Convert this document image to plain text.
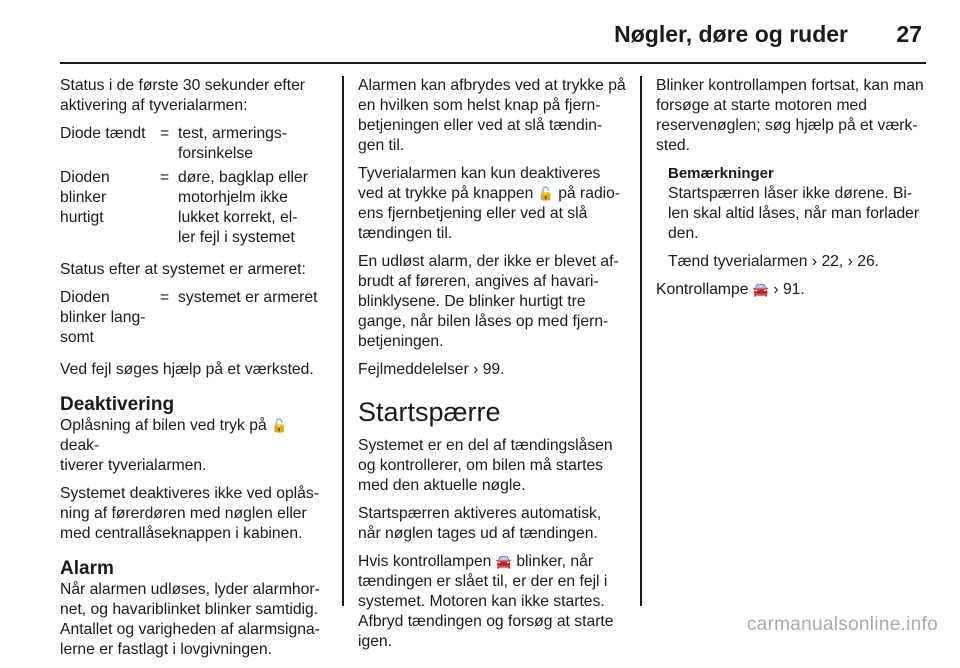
Nøgler, døre og ruder 27

Status i de første 30 sekunder efter aktivering af tyverialarmen:

Diode tændt = test, armerings-
forsinkelse
Dioden blinker
hurtigt
= døre, bagklap eller
motorhjelm ikke
lukket korrekt, el-
ler fejl i systemet

Status efter at systemet er armeret:

Dioden
blinker lang-
somt
= systemet er armeret

Ved fejl søges hjælp på et værksted.

Deaktivering

Oplåsning af bilen ved tryk på 🔓 deak-
tiverer tyverialarmen.

Systemet deaktiveres ikke ved oplås-ning af førerdøren med nøglen eller med centrallåseknappen i kabinen.

Alarm

Når alarmen udløses, lyder alarmhor-net, og havariblinket blinker samtidig. Antallet og varigheden af alarmsigna-lerne er fastlagt i lovgivningen.

Alarmen kan afbrydes ved at trykke på en hvilken som helst knap på fjern-betjeningen eller ved at slå tændin-gen til.

Tyverialarmen kan kun deaktiveres ved at trykke på knappen 🔓 på radio-ens fjernbetjening eller ved at slå tændingen til.

En udløst alarm, der ikke er blevet af-brudt af føreren, angives af havari-blinklysene. De blinker hurtigt tre gange, når bilen låses op med fjern-betjeningen.

Fejlmeddelelser › 99.

Startspærre

Systemet er en del af tændingslåsen og kontrollerer, om bilen må startes med den aktuelle nøgle.

Startspærren aktiveres automatisk, når nøglen tages ud af tændingen.

Hvis kontrollampen 🚘 blinker, når tændingen er slået til, er der en fejl i systemet. Motoren kan ikke startes. Afbryd tændingen og forsøg at starte igen.

Blinker kontrollampen fortsat, kan man forsøge at starte motoren med reservenøglen; søg hjælp på et værk-sted.

Bemærkninger

Startspærren låser ikke dørene. Bi-len skal altid låses, når man forlader den.

Tænd tyverialarmen › 22, › 26.

Kontrollampe 🚘 › 91.

carmanualsonline.info
